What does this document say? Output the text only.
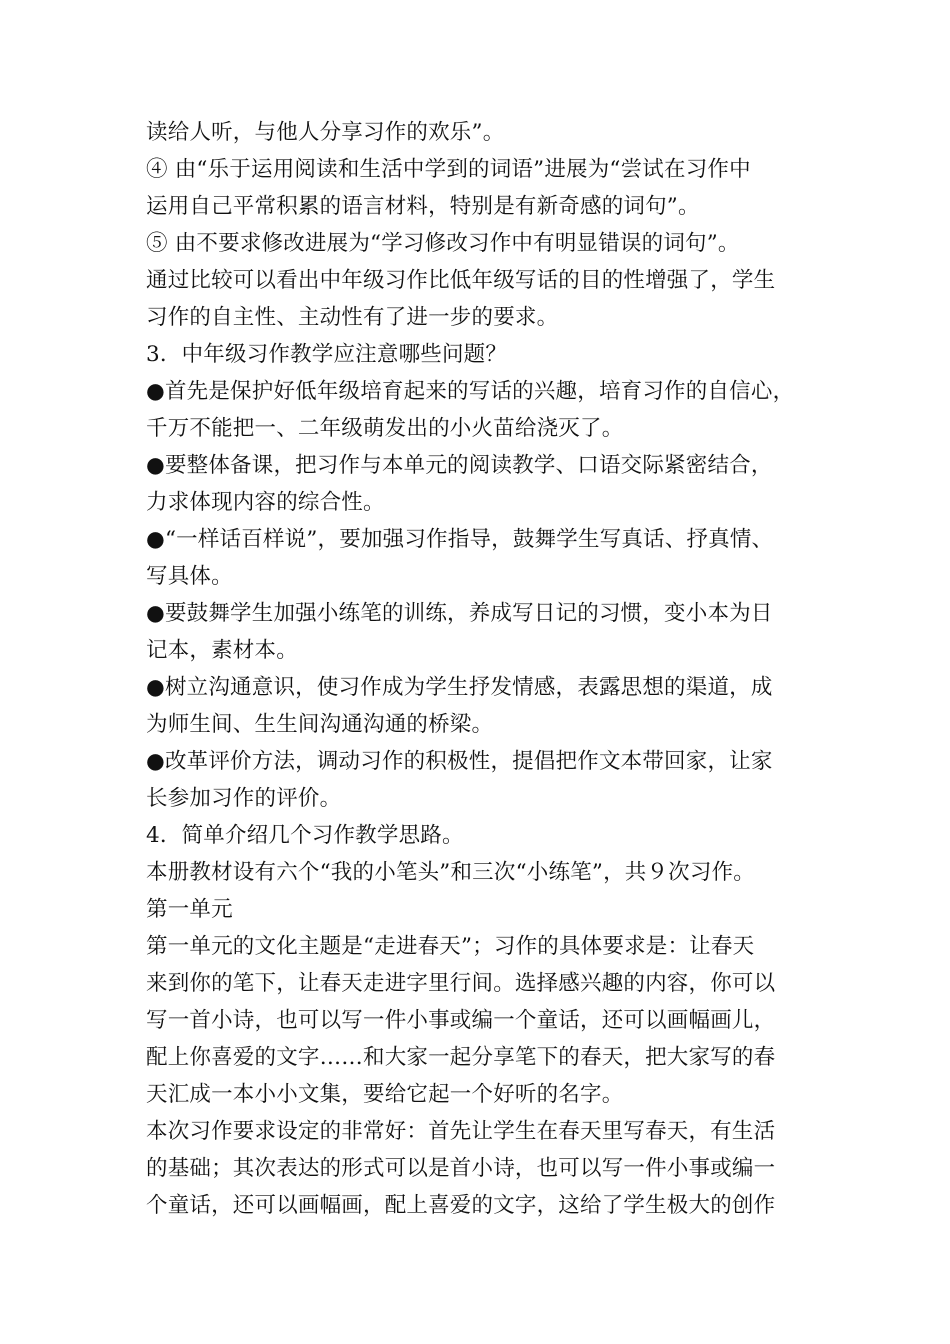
读给人听，与他人分享习作的欢乐”。
④ 由“乐于运用阅读和生活中学到的词语”进展为“尝试在习作中
运用自己平常积累的语言材料，特别是有新奇感的词句”。
⑤ 由不要求修改进展为“学习修改习作中有明显错误的词句”。
通过比较可以看出中年级习作比低年级写话的目的性增强了，学生
习作的自主性、主动性有了进一步的要求。
3．中年级习作教学应注意哪些问题？
●首先是保护好低年级培育起来的写话的兴趣，培育习作的自信心，
千万不能把一、二年级萌发出的小火苗给浇灭了。
●要整体备课，把习作与本单元的阅读教学、口语交际紧密结合，
力求体现内容的综合性。
●“一样话百样说”，要加强习作指导，鼓舞学生写真话、抒真情、
写具体。
●要鼓舞学生加强小练笔的训练，养成写日记的习惯，变小本为日
记本，素材本。
●树立沟通意识，使习作成为学生抒发情感，表露思想的渠道，成
为师生间、生生间沟通沟通的桥梁。
●改革评价方法，调动习作的积极性，提倡把作文本带回家，让家
长参加习作的评价。
4．简单介绍几个习作教学思路。
本册教材设有六个“我的小笔头”和三次“小练笔”，共９次习作。
第一单元
第一单元的文化主题是“走进春天”；习作的具体要求是：让春天
来到你的笔下，让春天走进字里行间。选择感兴趣的内容，你可以
写一首小诗，也可以写一件小事或编一个童话，还可以画幅画儿，
配上你喜爱的文字……和大家一起分享笔下的春天，把大家写的春
天汇成一本小小文集，要给它起一个好听的名字。
本次习作要求设定的非常好：首先让学生在春天里写春天，有生活
的基础；其次表达的形式可以是首小诗，也可以写一件小事或编一
个童话，还可以画幅画，配上喜爱的文字，这给了学生极大的创作
